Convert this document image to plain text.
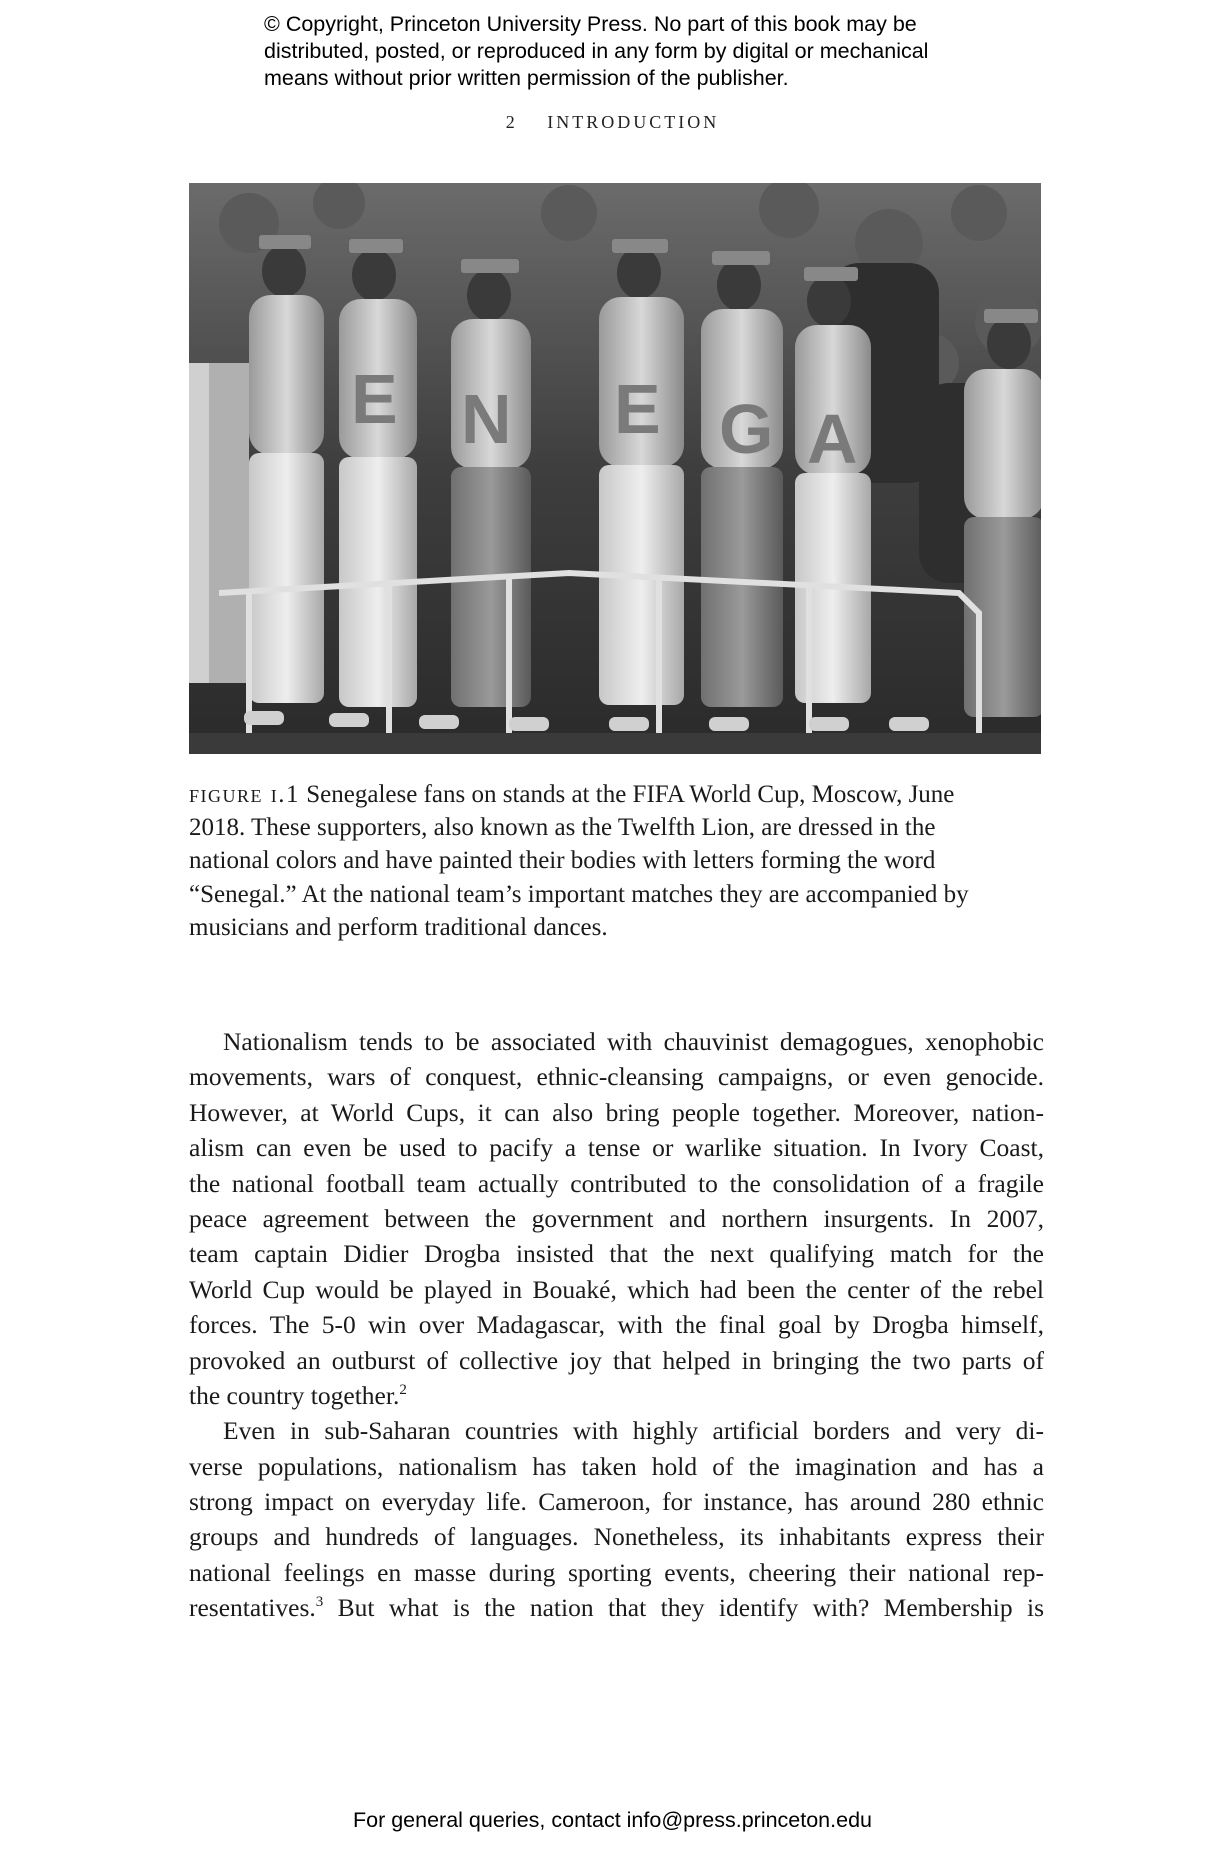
© Copyright, Princeton University Press. No part of this book may be
distributed, posted, or reproduced in any form by digital or mechanical
means without prior written permission of the publisher.
2 INTRODUCTION
E N E G A
figure i.1 Senegalese fans on stands at the FIFA World Cup, Moscow, June
2018. These supporters, also known as the Twelfth Lion, are dressed in the
national colors and have painted their bodies with letters forming the word
“Senegal.” At the national team’s important matches they are accompanied by
musicians and perform traditional dances.
Nationalism tends to be associated with chauvinist demagogues, xenophobic
movements, wars of conquest, ethnic-cleansing campaigns, or even genocide.
However, at World Cups, it can also bring people together. Moreover, nation-
alism can even be used to pacify a tense or warlike situation. In Ivory Coast,
the national football team actually contributed to the consolidation of a fragile
peace agreement between the government and northern insurgents. In 2007,
team captain Didier Drogba insisted that the next qualifying match for the
World Cup would be played in Bouaké, which had been the center of the rebel
forces. The 5-0 win over Madagascar, with the final goal by Drogba himself,
provoked an outburst of collective joy that helped in bringing the two parts of
the country together.$^2$
Even in sub-Saharan countries with highly artificial borders and very di-
verse populations, nationalism has taken hold of the imagination and has a
strong impact on everyday life. Cameroon, for instance, has around 280 ethnic
groups and hundreds of languages. Nonetheless, its inhabitants express their
national feelings en masse during sporting events, cheering their national rep-
resentatives.$^3$ But what is the nation that they identify with? Membership is
For general queries, contact info@press.princeton.edu
